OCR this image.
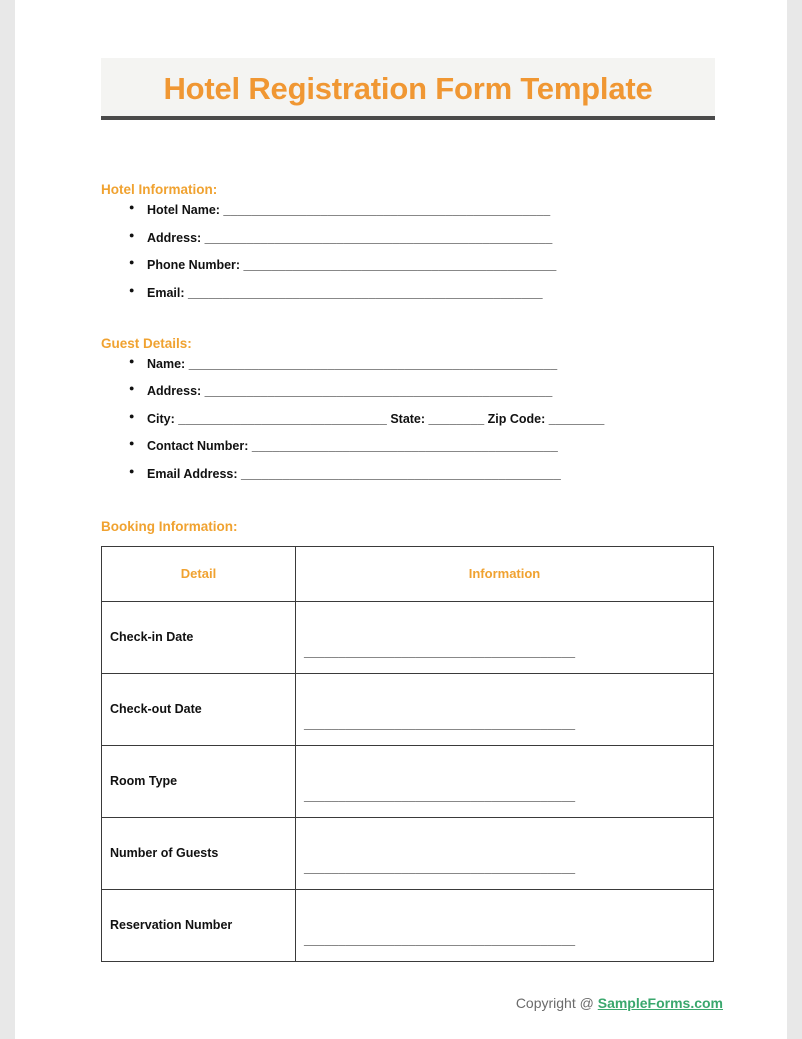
Hotel Registration Form Template
Hotel Information:
● Hotel Name: _______________________________________________
● Address: __________________________________________________
● Phone Number: _____________________________________________
● Email: ___________________________________________________
Guest Details:
● Name: _____________________________________________________
● Address: __________________________________________________
● City: ______________________________ State: ________ Zip Code: ________
● Contact Number: ____________________________________________
● Email Address: ______________________________________________
Booking Information:
Detail	Information
Check-in Date	_______________________________________
Check-out Date	_______________________________________
Room Type	_______________________________________
Number of Guests	_______________________________________
Reservation Number	_______________________________________
Copyright @ SampleForms.com
